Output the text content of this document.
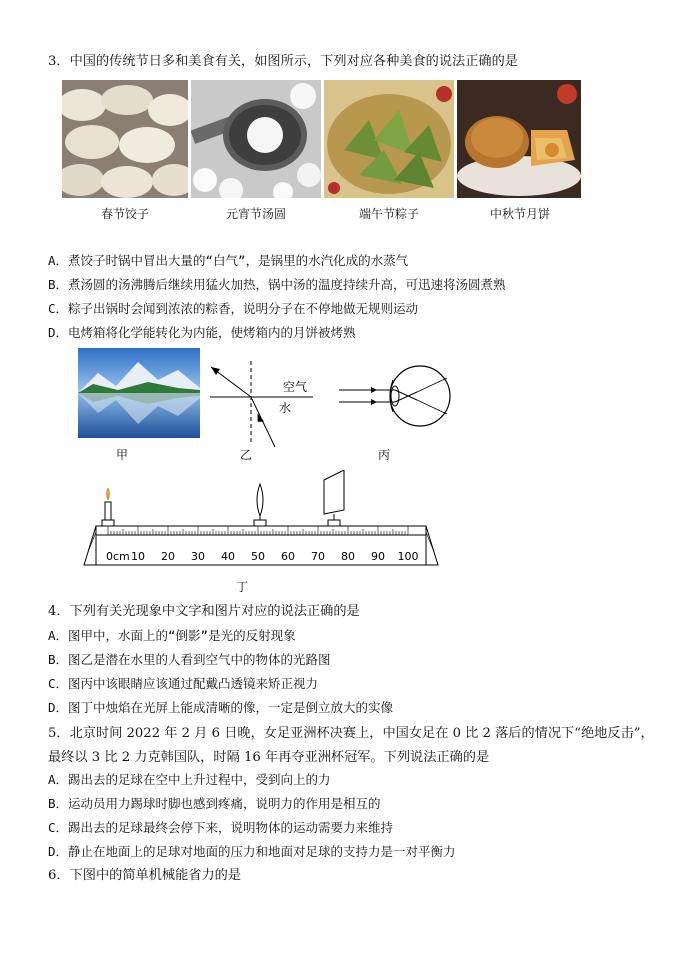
3．中国的传统节日多和美食有关，如图所示，下列对应各种美食的说法正确的是
春节饺子	元宵节汤圆	端午节粽子	中秋节月饼
A．煮饺子时锅中冒出大量的“白气”，是锅里的水汽化成的水蒸气
B．煮汤圆的汤沸腾后继续用猛火加热，锅中汤的温度持续升高，可迅速将汤圆煮熟
C．粽子出锅时会闻到浓浓的粽香，说明分子在不停地做无规则运动
D．电烤箱将化学能转化为内能，使烤箱内的月饼被烤熟
空气
水
甲	乙	丙
0cm 10 20 30 40 50 60 70 80 90 100
丁
4．下列有关光现象中文字和图片对应的说法正确的是
A．图甲中，水面上的“倒影”是光的反射现象
B．图乙是潜在水里的人看到空气中的物体的光路图
C．图丙中该眼睛应该通过配戴凸透镜来矫正视力
D．图丁中烛焰在光屏上能成清晰的像，一定是倒立放大的实像
5．北京时间 2022 年 2 月 6 日晚，女足亚洲杯决赛上，中国女足在 0 比 2 落后的情况下“绝地反击”，最终以 3 比 2 力克韩国队，时隔 16 年再夺亚洲杯冠军。下列说法正确的是
A．踢出去的足球在空中上升过程中，受到向上的力
B．运动员用力踢球时脚也感到疼痛，说明力的作用是相互的
C．踢出去的足球最终会停下来，说明物体的运动需要力来维持
D．静止在地面上的足球对地面的压力和地面对足球的支持力是一对平衡力
6．下图中的简单机械能省力的是
